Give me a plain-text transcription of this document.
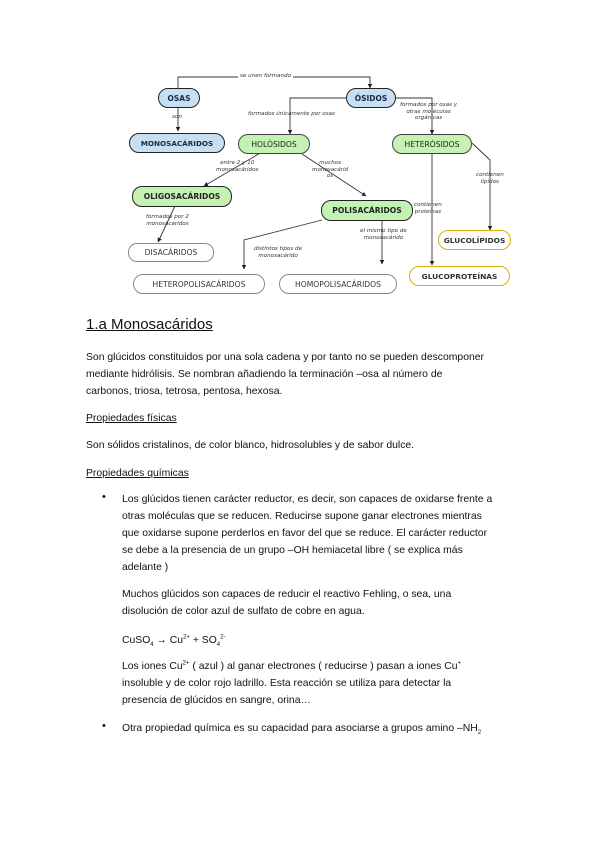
OSAS	ÓSIDOS
MONOSACÁRIDOS	HOLÓSIDOS	HETERÓSIDOS
OLIGOSACÁRIDOS
POLISACÁRIDOS
DISACÁRIDOS
GLUCOLÍPIDOS
HETEROPOLISACÁRIDOS	HOMOPOLISACÁRIDOS
GLUCOPROTEÍNAS
se unen formando
son	formados únicamente por osas
formados por osas y
otras moléculas
orgánicas
entre 2 y 10
monosacáridos
muchos
monosacárid
os	contienen
lípidos
formados por 2
monosacáridos
contienen
proteínas
el mismo tipo de
monosacárido
distintos tipos de
monosacárido
1.a Monosacáridos
Son glúcidos constituidos por una sola cadena y por tanto no se pueden descomponer
mediante hidrólisis. Se nombran añadiendo la terminación –osa al número de
carbonos, triosa, tetrosa, pentosa, hexosa.
Propiedades físicas
Son sólidos cristalinos, de color blanco, hidrosolubles y de sabor dulce.
Propiedades químicas
• Los glúcidos tienen carácter reductor, es decir, son capaces de oxidarse frente a
otras moléculas que se reducen. Reducirse supone ganar electrones mientras
que oxidarse supone perderlos en favor del que se reduce. El carácter reductor
se debe a la presencia de un grupo –OH hemiacetal libre ( se explica más
adelante )
Muchos glúcidos son capaces de reducir el reactivo Fehling, o sea, una
disolución de color azul de sulfato de cobre en agua.
CuSO$_4$ → $Cu^{2+} + SO_4^{2-}$
Los iones $Cu^{2+}$ ( azul ) al ganar electrones ( reducirse ) pasan a iones Cu+
insoluble y de color rojo ladrillo. Esta reacción se utiliza para detectar la
presencia de glúcidos en sangre, orina…
• Otra propiedad química es su capacidad para asociarse a grupos amino $-NH_2$
